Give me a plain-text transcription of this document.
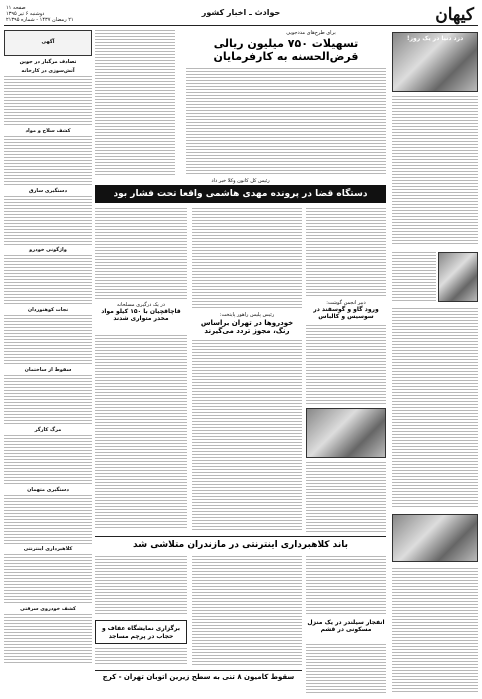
کیهان
حوادث ـ اخبار کشور
صفحه ۱۱
دوشنبه ۶ تیر ۱۳۹۵
۲۱ رمضان ۱۴۳۷ - شماره ۲۱۳۹۵
دزد دنیا در یک روز!
برای طرح‌های مددجویی
تسهیلات ۷۵۰ میلیون ریالی قرض‌الحسنه به کارفرمایان
رئیس کل کانون وکلا خبر داد
دستگاه قضا در پرونده مهدی هاشمی واقعا تحت فشار بود
دبیر انجمن گوشت:
ورود گاو و گوسفند در سوسیس و کالباس
رئیس پلیس راهور پایتخت:
خودروها در تهران براساس رنگ، مجوز تردد می‌گیرند
در یک درگیری مسلحانه
قاچاقچیان با ۱۵۰ کیلو مواد مخدر متواری شدند
باند کلاهبرداری اینترنتی در مازندران متلاشی شد
انفجار سیلندر در یک منزل مسکونی در قشم
سقوط کامیون ۸ تنی به سطح زیرین اتوبان تهران - کرج
برگزاری نمایشگاه عفاف و حجاب در پرچم مساجد
آگهی
تصادف مرگبار در جوین
آتش‌سوزی در کارخانه
کشف سلاح و مواد
دستگیری سارق
واژگونی خودرو
نجات کوهنوردان
سقوط از ساختمان
مرگ کارگر
دستگیری متهمان
کلاهبرداری اینترنتی
کشف خودروی سرقتی
